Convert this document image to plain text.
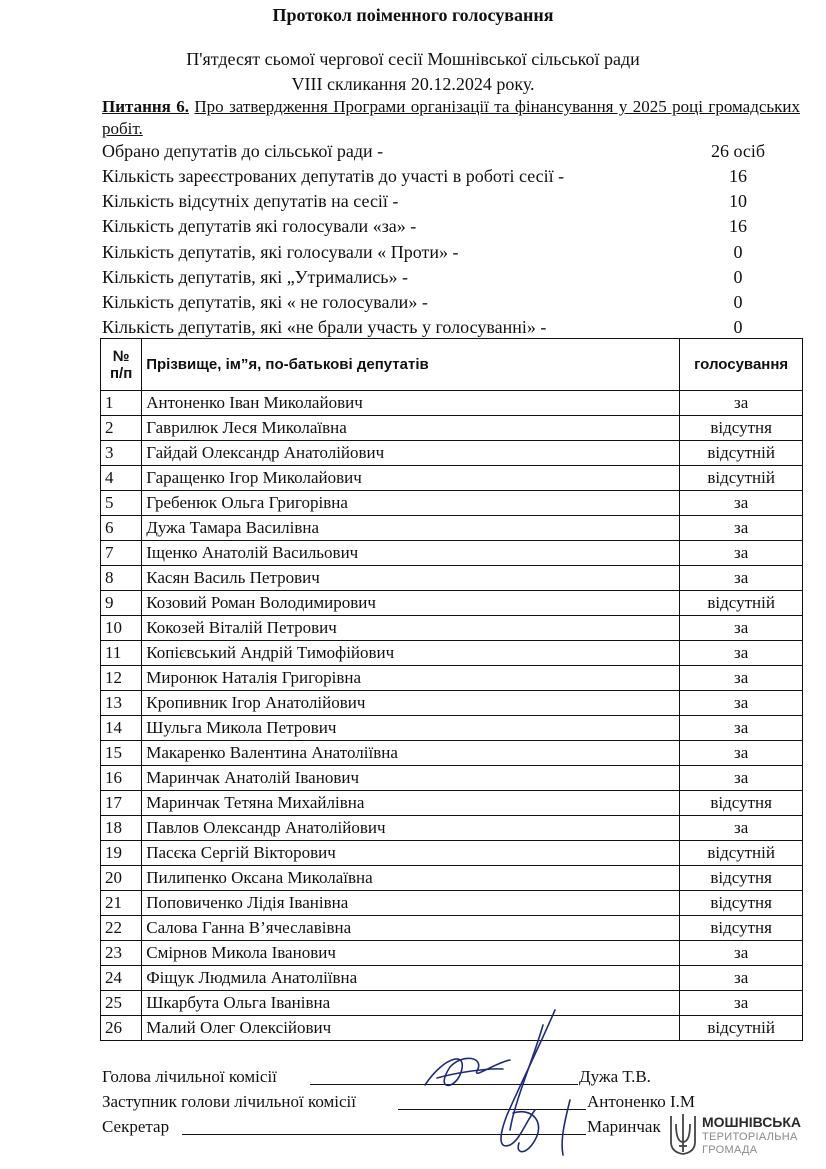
Протокол поіменного голосування
П'ятдесят сьомої чергової сесії Мошнівської сільської ради
VIII скликання 20.12.2024 року.
Питання 6. Про затвердження Програми організації та фінансування у 2025 році громадських робіт.
Обрано депутатів до сільської ради -	26 осіб
Кількість зареєстрованих депутатів до участі в роботі сесії -	16
Кількість відсутніх депутатів на сесії -	10
Кількість депутатів які голосували «за» -	16
Кількість депутатів, які голосували « Проти» -	0
Кількість депутатів, які „Утримались» -	0
Кількість депутатів, які « не голосували» -	0
Кількість депутатів, які «не брали участь у голосуванні» -	0
№ п/п	Прізвище, ім”я, по-батькові депутатів	голосування
1	Антоненко Іван Миколайович	за
2	Гаврилюк Леся Миколаївна	відсутня
3	Гайдай Олександр Анатолійович	відсутній
4	Гаращенко Ігор Миколайович	відсутній
5	Гребенюк Ольга Григорівна	за
6	Дужа Тамара Василівна	за
7	Іщенко Анатолій Васильович	за
8	Касян Василь Петрович	за
9	Козовий Роман Володимирович	відсутній
10	Кокозей Віталій Петрович	за
11	Копієвський Андрій Тимофійович	за
12	Миронюк Наталія Григорівна	за
13	Кропивник Ігор Анатолійович	за
14	Шульга Микола Петрович	за
15	Макаренко Валентина Анатоліївна	за
16	Маринчак Анатолій Іванович	за
17	Маринчак Тетяна Михайлівна	відсутня
18	Павлов Олександр Анатолійович	за
19	Пасєка Сергій Вікторович	відсутній
20	Пилипенко Оксана Миколаївна	відсутня
21	Поповиченко Лідія Іванівна	відсутня
22	Салова Ганна В’ячеславівна	відсутня
23	Смірнов Микола Іванович	за
24	Фіщук Людмила Анатоліївна	за
25	Шкарбута Ольга Іванівна	за
26	Малий Олег Олексійович	відсутній
Голова лічильної комісії	Дужа Т.В.
Заступник голови лічильної комісії	Антоненко І.М
Секретар	Маринчак	МОШНІВСЬКА
ТЕРИТОРІАЛЬНА
ГРОМАДА
